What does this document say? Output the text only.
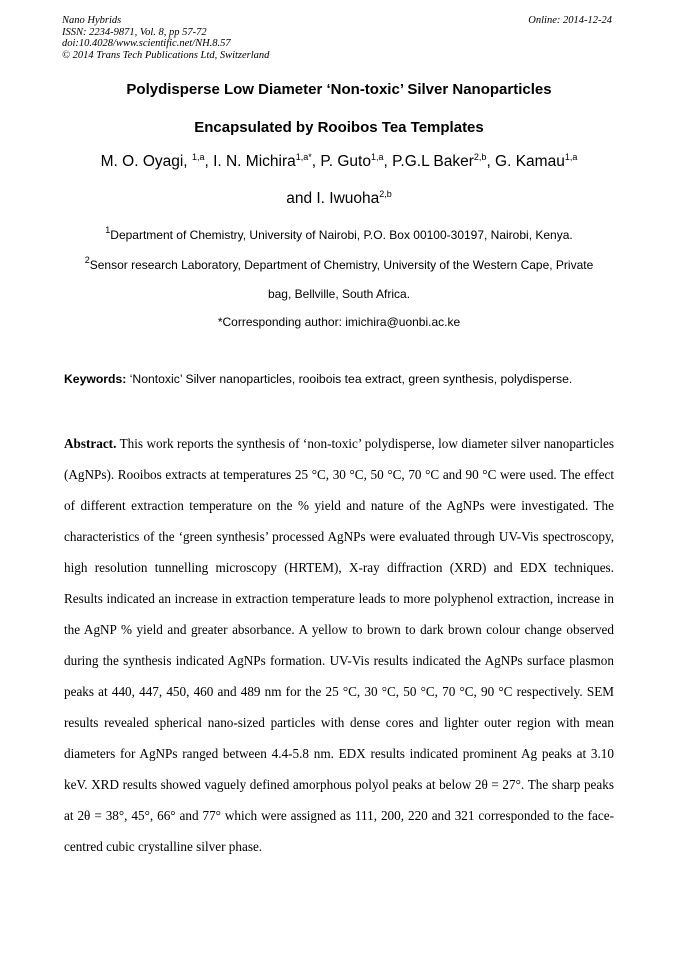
Nano Hybrids
ISSN: 2234-9871, Vol. 8, pp 57-72
doi:10.4028/www.scientific.net/NH.8.57
© 2014 Trans Tech Publications Ltd, Switzerland
Online: 2014-12-24
Polydisperse Low Diameter ‘Non-toxic’ Silver Nanoparticles
Encapsulated by Rooibos Tea Templates
M. O. Oyagi, $^{1,a}$, I. N. Michira$^{1,a*}$, P. Guto$^{1,a}$, P.G.L Baker$^{2,b}$, G. Kamau$^{1,a}$
and I. Iwuoha$^{2,b}$
$^1$Department of Chemistry, University of Nairobi, P.O. Box 00100-30197, Nairobi, Kenya.
$^2$Sensor research Laboratory, Department of Chemistry, University of the Western Cape, Private
bag, Bellville, South Africa.
*Corresponding author: imichira@uonbi.ac.ke
Keywords: ‘Nontoxic’ Silver nanoparticles, rooibois tea extract, green synthesis, polydisperse.
Abstract. This work reports the synthesis of ‘non-toxic’ polydisperse, low diameter silver nanoparticles (AgNPs). Rooibos extracts at temperatures 25 °C, 30 °C, 50 °C, 70 °C and 90 °C were used. The effect of different extraction temperature on the % yield and nature of the AgNPs were investigated. The characteristics of the ‘green synthesis’ processed AgNPs were evaluated through UV-Vis spectroscopy, high resolution tunnelling microscopy (HRTEM), X-ray diffraction (XRD) and EDX techniques. Results indicated an increase in extraction temperature leads to more polyphenol extraction, increase in the AgNP % yield and greater absorbance. A yellow to brown to dark brown colour change observed during the synthesis indicated AgNPs formation. UV-Vis results indicated the AgNPs surface plasmon peaks at 440, 447, 450, 460 and 489 nm for the 25 °C, 30 °C, 50 °C, 70 °C, 90 °C respectively. SEM results revealed spherical nano-sized particles with dense cores and lighter outer region with mean diameters for AgNPs ranged between 4.4-5.8 nm. EDX results indicated prominent Ag peaks at 3.10 keV. XRD results showed vaguely defined amorphous polyol peaks at below 2θ = 27°. The sharp peaks at 2θ = 38°, 45°, 66° and 77° which were assigned as 111, 200, 220 and 321 corresponded to the face-centred cubic crystalline silver phase.
